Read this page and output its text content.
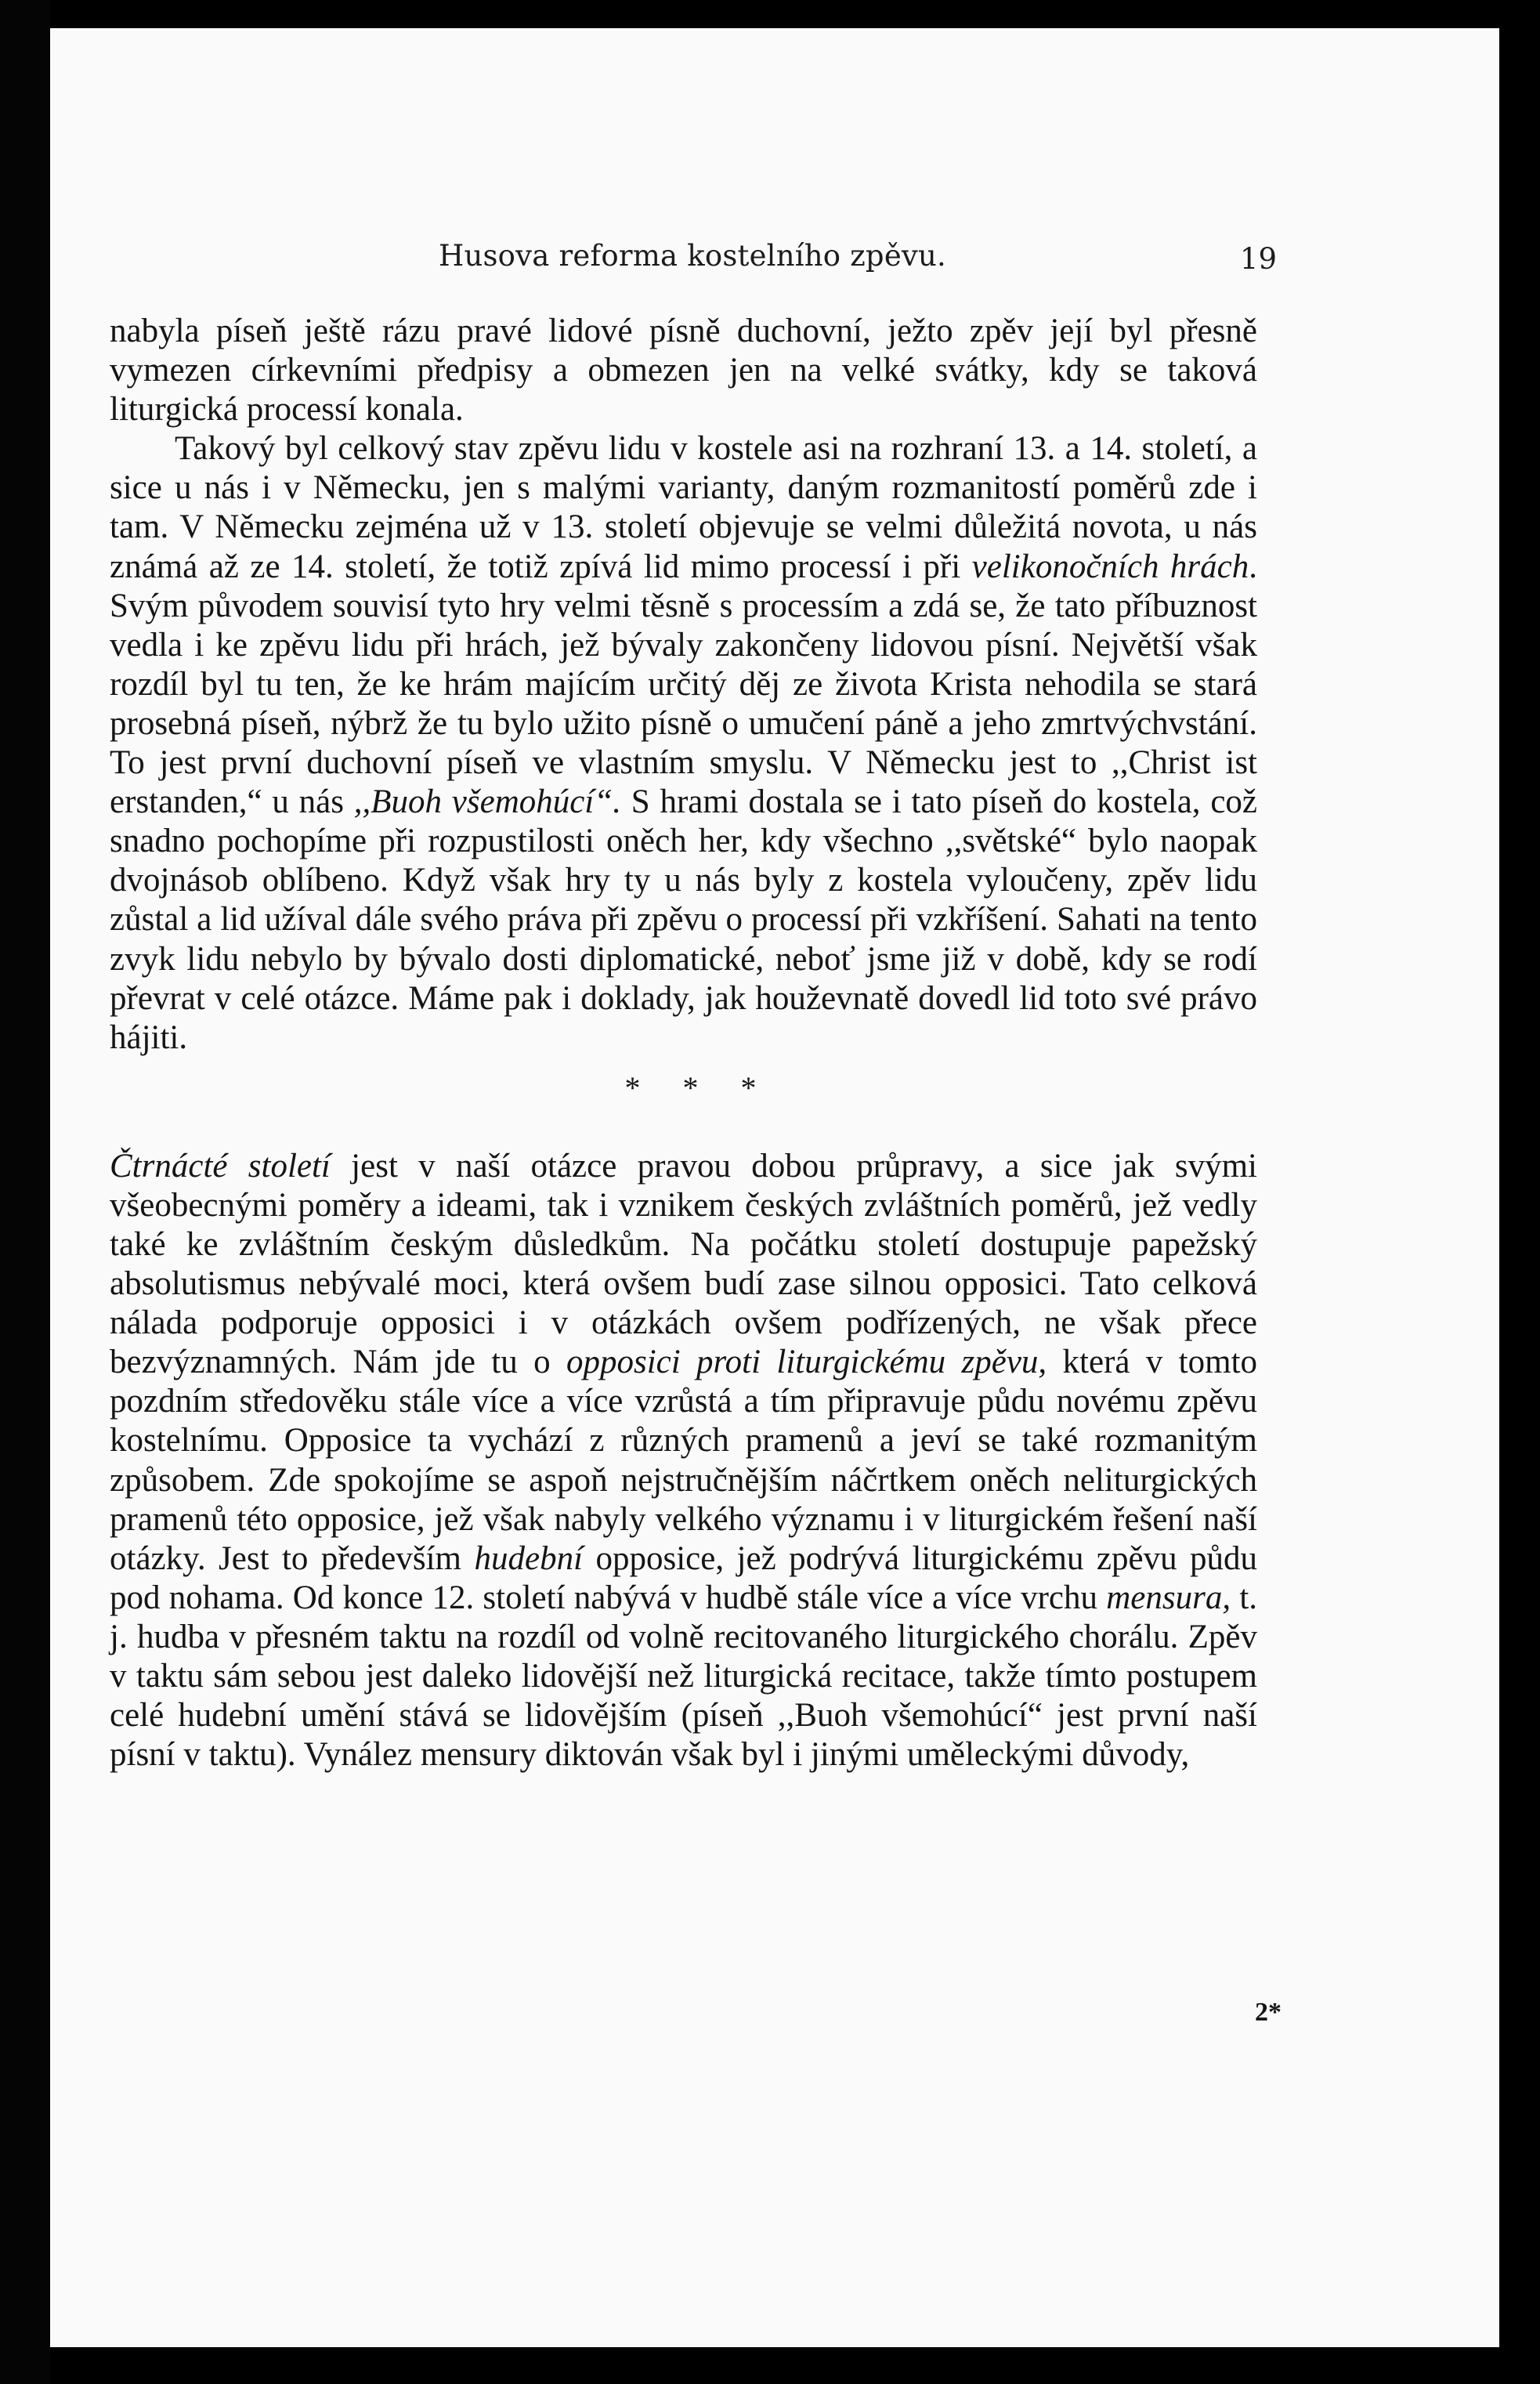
Husova reforma kostelního zpěvu.	19

nabyla píseň ještě rázu pravé lidové písně duchovní, ježto zpěv její byl přesně vymezen církevními předpisy a obmezen jen na velké svátky, kdy se taková liturgická processí konala.

Takový byl celkový stav zpěvu lidu v kostele asi na rozhraní 13. a 14. století, a sice u nás i v Německu, jen s malými varianty, daným rozmanitostí poměrů zde i tam. V Německu zejména už v 13. století objevuje se velmi důležitá novota, u nás známá až ze 14. století, že totiž zpívá lid mimo processí i při velikonočních hrách. Svým původem souvisí tyto hry velmi těsně s processím a zdá se, že tato příbuznost vedla i ke zpěvu lidu při hrách, jež bývaly zakončeny lidovou písní. Největší však rozdíl byl tu ten, že ke hrám majícím určitý děj ze života Krista nehodila se stará prosebná píseň, nýbrž že tu bylo užito písně o umučení páně a jeho zmrtvýchvstání. To jest první duchovní píseň ve vlastním smyslu. V Německu jest to ,,Christ ist erstanden,“ u nás ,,Buoh všemohúcí“. S hrami dostala se i tato píseň do kostela, což snadno pochopíme při rozpustilosti oněch her, kdy všechno ,,světské“ bylo naopak dvojnásob oblíbeno. Když však hry ty u nás byly z kostela vyloučeny, zpěv lidu zůstal a lid užíval dále svého práva při zpěvu o processí při vzkříšení. Sahati na tento zvyk lidu nebylo by bývalo dosti diplomatické, neboť jsme již v době, kdy se rodí převrat v celé otázce. Máme pak i doklady, jak houževnatě dovedl lid toto své právo hájiti.

* * *

Čtrnácté století jest v naší otázce pravou dobou průpravy, a sice jak svými všeobecnými poměry a ideami, tak i vznikem českých zvláštních poměrů, jež vedly také ke zvláštním českým důsledkům. Na počátku století dostupuje papežský absolutismus nebývalé moci, která ovšem budí zase silnou opposici. Tato celková nálada podporuje opposici i v otázkách ovšem podřízených, ne však přece bezvýznamných. Nám jde tu o opposici proti liturgickému zpěvu, která v tomto pozdním středověku stále více a více vzrůstá a tím připravuje půdu novému zpěvu kostelnímu. Opposice ta vychází z různých pramenů a jeví se také rozmanitým způsobem. Zde spokojíme se aspoň nejstručnějším náčrtkem oněch neliturgických pramenů této opposice, jež však nabyly velkého významu i v liturgickém řešení naší otázky. Jest to především hudební opposice, jež podrývá liturgickému zpěvu půdu pod nohama. Od konce 12. století nabývá v hudbě stále více a více vrchu mensura, t. j. hudba v přesném taktu na rozdíl od volně recitovaného liturgického chorálu. Zpěv v taktu sám sebou jest daleko lidovější než liturgická recitace, takže tímto postupem celé hudební umění stává se lidovějším (píseň ,,Buoh všemohúcí“ jest první naší písní v taktu). Vynález mensury diktován však byl i jinými uměleckými důvody,

2*
